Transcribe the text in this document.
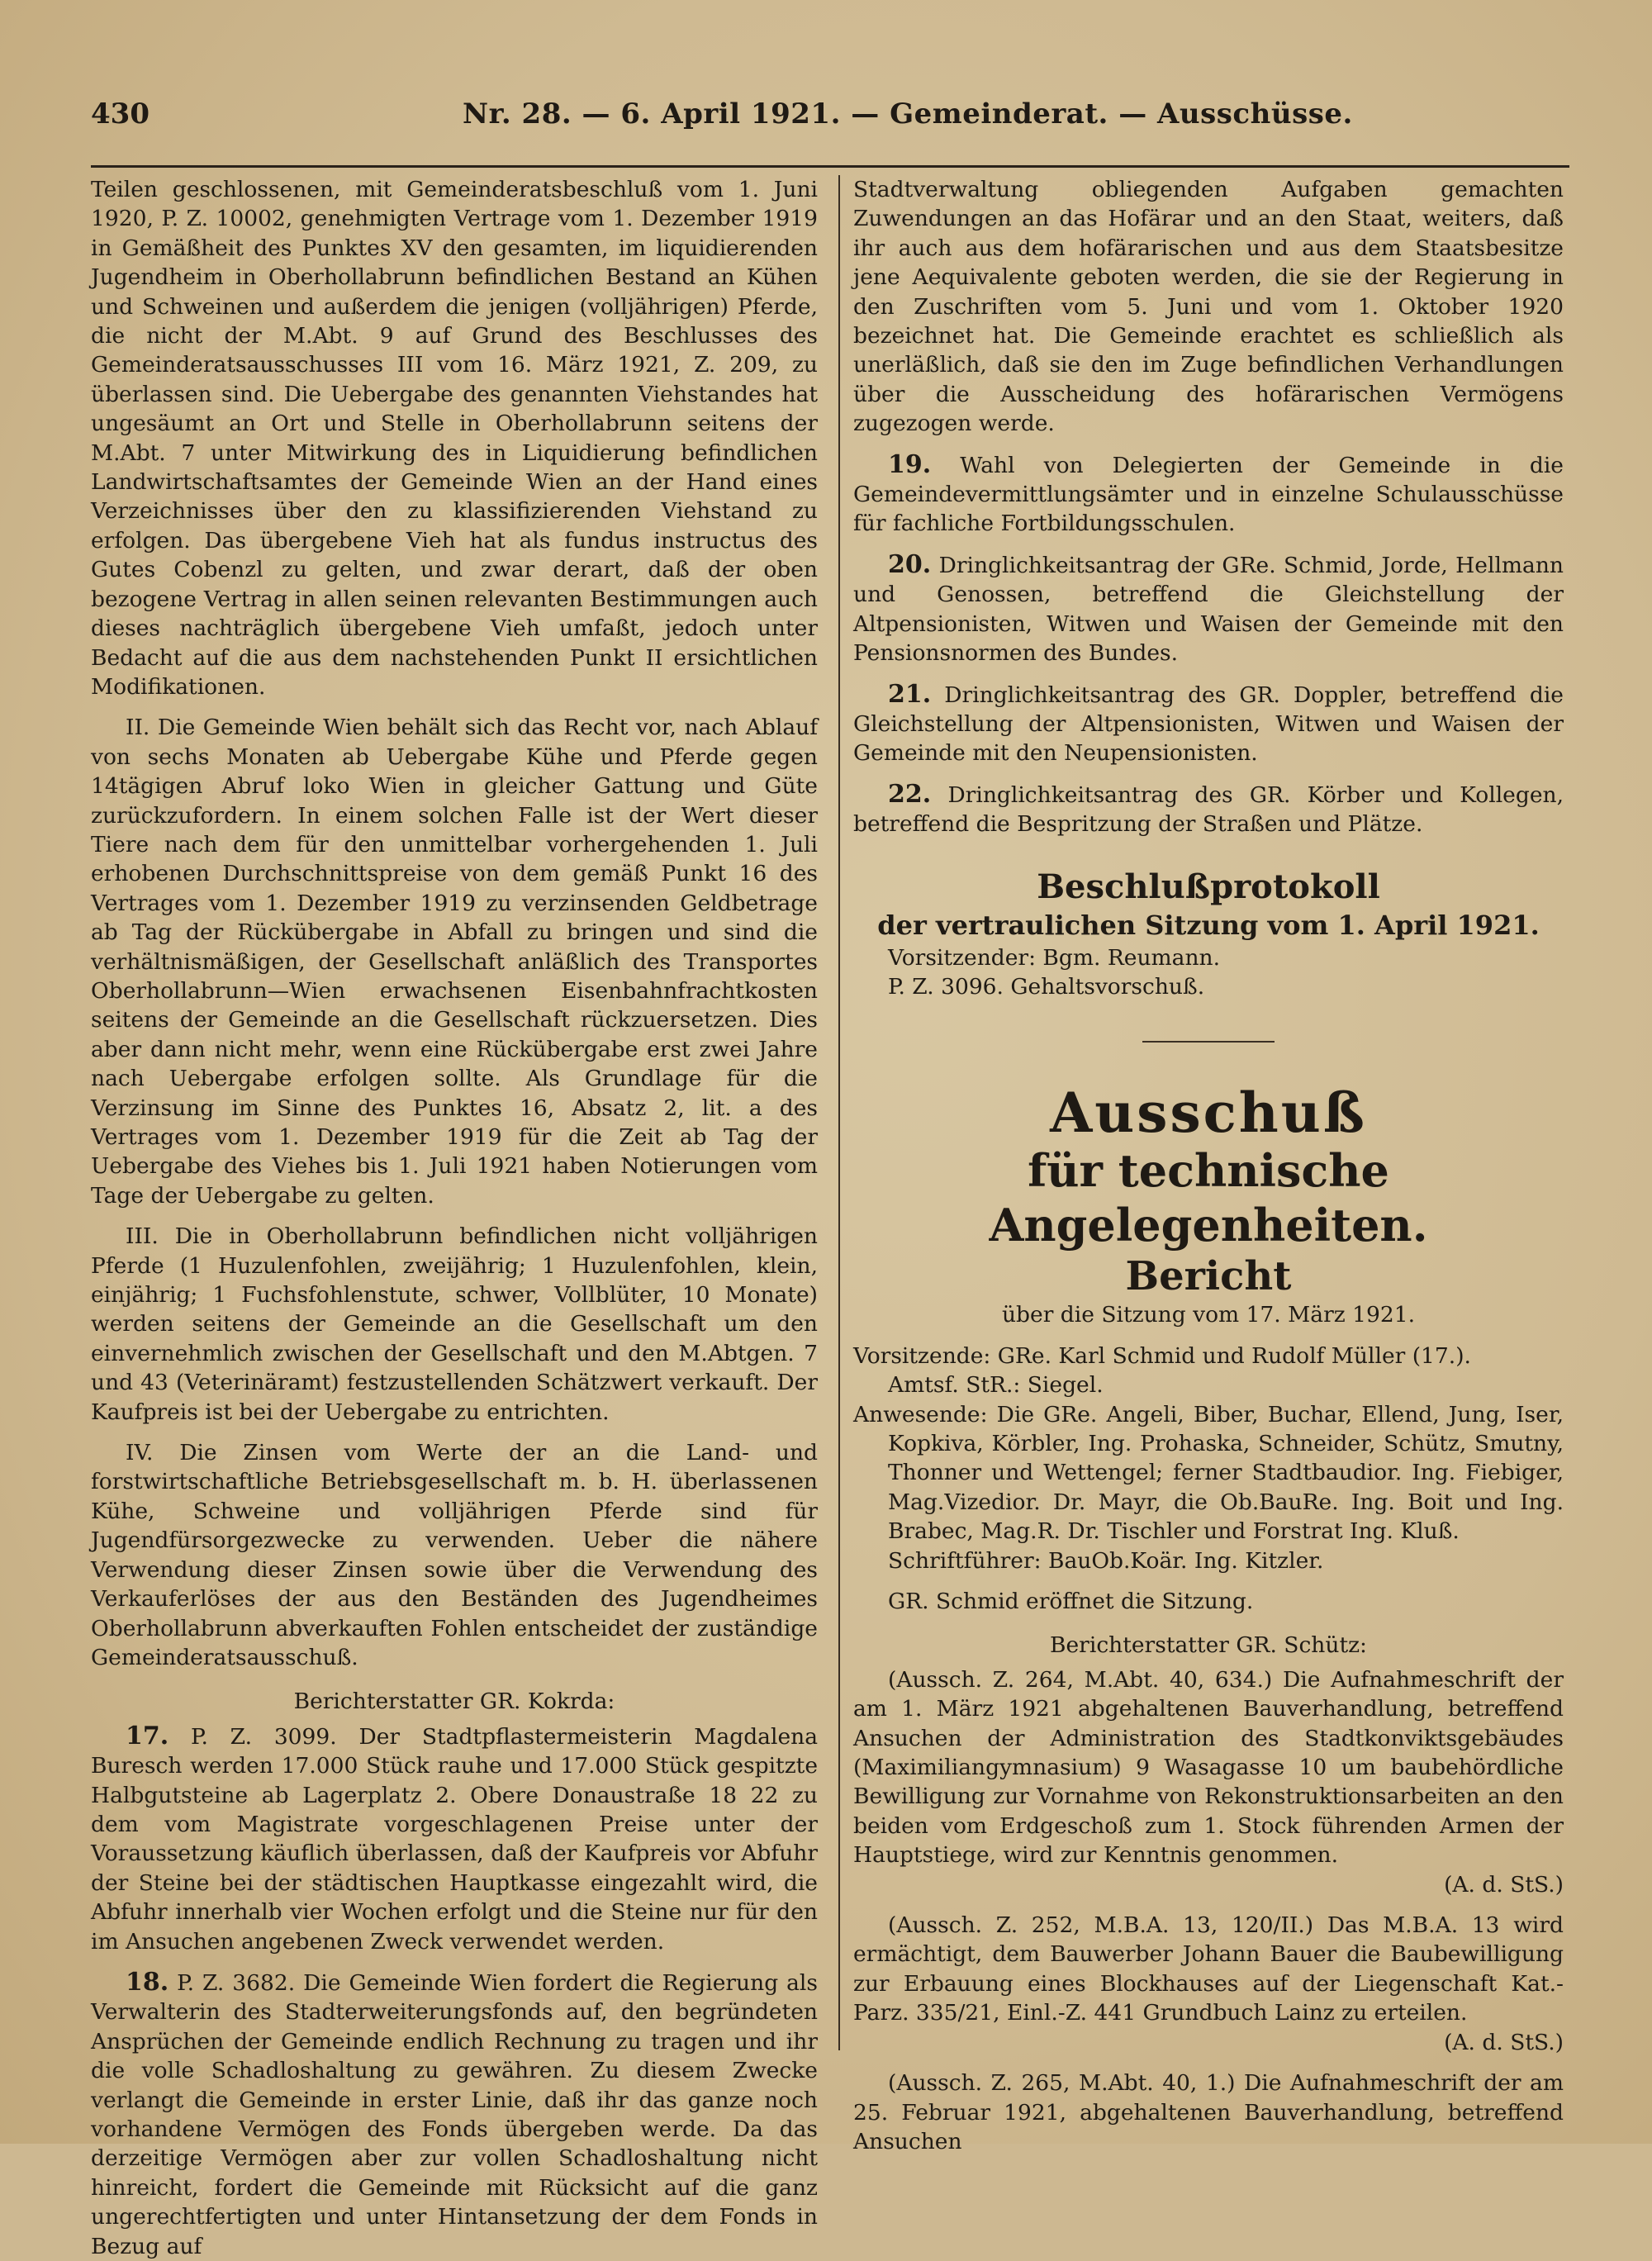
430	Nr. 28. — 6. April 1921. — Gemeinderat. — Ausschüsse.

Teilen geschlossenen, mit Gemeinderatsbeschluß vom 1. Juni 1920, P. Z. 10002, genehmigten Vertrage vom 1. Dezember 1919 in Gemäßheit des Punktes XV den gesamten, im liquidierenden Jugendheim in Oberhollabrunn befindlichen Bestand an Kühen und Schweinen und außerdem die jenigen (volljährigen) Pferde, die nicht der M.Abt. 9 auf Grund des Beschlusses des Gemeinderatsausschusses III vom 16. März 1921, Z. 209, zu überlassen sind. Die Uebergabe des genannten Viehstandes hat ungesäumt an Ort und Stelle in Oberhollabrunn seitens der M.Abt. 7 unter Mitwirkung des in Liquidierung befindlichen Landwirtschaftsamtes der Gemeinde Wien an der Hand eines Verzeichnisses über den zu klassifizierenden Viehstand zu erfolgen. Das übergebene Vieh hat als fundus instructus des Gutes Cobenzl zu gelten, und zwar derart, daß der oben bezogene Vertrag in allen seinen relevanten Bestimmungen auch dieses nachträglich übergebene Vieh umfaßt, jedoch unter Bedacht auf die aus dem nachstehenden Punkt II ersichtlichen Modifikationen.

II. Die Gemeinde Wien behält sich das Recht vor, nach Ablauf von sechs Monaten ab Uebergabe Kühe und Pferde gegen 14tägigen Abruf loko Wien in gleicher Gattung und Güte zurückzufordern. In einem solchen Falle ist der Wert dieser Tiere nach dem für den unmittelbar vorhergehenden 1. Juli erhobenen Durchschnittspreise von dem gemäß Punkt 16 des Vertrages vom 1. Dezember 1919 zu verzinsenden Geldbetrage ab Tag der Rückübergabe in Abfall zu bringen und sind die verhältnismäßigen, der Gesellschaft anläßlich des Transportes Oberhollabrunn—Wien erwachsenen Eisenbahnfrachtkosten seitens der Gemeinde an die Gesellschaft rückzuersetzen. Dies aber dann nicht mehr, wenn eine Rückübergabe erst zwei Jahre nach Uebergabe erfolgen sollte. Als Grundlage für die Verzinsung im Sinne des Punktes 16, Absatz 2, lit. a des Vertrages vom 1. Dezember 1919 für die Zeit ab Tag der Uebergabe des Viehes bis 1. Juli 1921 haben Notierungen vom Tage der Uebergabe zu gelten.

III. Die in Oberhollabrunn befindlichen nicht volljährigen Pferde (1 Huzulenfohlen, zweijährig; 1 Huzulenfohlen, klein, einjährig; 1 Fuchsfohlenstute, schwer, Vollblüter, 10 Monate) werden seitens der Gemeinde an die Gesellschaft um den einvernehmlich zwischen der Gesellschaft und den M.Abtgen. 7 und 43 (Veterinäramt) festzustellenden Schätzwert verkauft. Der Kaufpreis ist bei der Uebergabe zu entrichten.

IV. Die Zinsen vom Werte der an die Land- und forstwirtschaftliche Betriebsgesellschaft m. b. H. überlassenen Kühe, Schweine und volljährigen Pferde sind für Jugendfürsorgezwecke zu verwenden. Ueber die nähere Verwendung dieser Zinsen sowie über die Verwendung des Verkauferlöses der aus den Beständen des Jugendheimes Oberhollabrunn abverkauften Fohlen entscheidet der zuständige Gemeinderatsausschuß.

Berichterstatter GR. Kokrda:

17. P. Z. 3099. Der Stadtpflastermeisterin Magdalena Buresch werden 17.000 Stück rauhe und 17.000 Stück gespitzte Halbgutsteine ab Lagerplatz 2. Obere Donaustraße 18 22 zu dem vom Magistrate vorgeschlagenen Preise unter der Voraussetzung käuflich überlassen, daß der Kaufpreis vor Abfuhr der Steine bei der städtischen Hauptkasse eingezahlt wird, die Abfuhr innerhalb vier Wochen erfolgt und die Steine nur für den im Ansuchen angebenen Zweck verwendet werden.

18. P. Z. 3682. Die Gemeinde Wien fordert die Regierung als Verwalterin des Stadterweiterungsfonds auf, den begründeten Ansprüchen der Gemeinde endlich Rechnung zu tragen und ihr die volle Schadloshaltung zu gewähren. Zu diesem Zwecke verlangt die Gemeinde in erster Linie, daß ihr das ganze noch vorhandene Vermögen des Fonds übergeben werde. Da das derzeitige Vermögen aber zur vollen Schadloshaltung nicht hinreicht, fordert die Gemeinde mit Rücksicht auf die ganz ungerechtfertigten und unter Hintansetzung der dem Fonds in Bezug auf

Stadtverwaltung obliegenden Aufgaben gemachten Zuwendungen an das Hofärar und an den Staat, weiters, daß ihr auch aus dem hofärarischen und aus dem Staatsbesitze jene Aequivalente geboten werden, die sie der Regierung in den Zuschriften vom 5. Juni und vom 1. Oktober 1920 bezeichnet hat. Die Gemeinde erachtet es schließlich als unerläßlich, daß sie den im Zuge befindlichen Verhandlungen über die Ausscheidung des hofärarischen Vermögens zugezogen werde.

19. Wahl von Delegierten der Gemeinde in die Gemeindevermittlungsämter und in einzelne Schulausschüsse für fachliche Fortbildungsschulen.

20. Dringlichkeitsantrag der GRe. Schmid, Jorde, Hellmann und Genossen, betreffend die Gleichstellung der Altpensionisten, Witwen und Waisen der Gemeinde mit den Pensionsnormen des Bundes.

21. Dringlichkeitsantrag des GR. Doppler, betreffend die Gleichstellung der Altpensionisten, Witwen und Waisen der Gemeinde mit den Neupensionisten.

22. Dringlichkeitsantrag des GR. Körber und Kollegen, betreffend die Bespritzung der Straßen und Plätze.

Beschlußprotokoll

der vertraulichen Sitzung vom 1. April 1921.

Vorsitzender: Bgm. Reumann.

P. Z. 3096. Gehaltsvorschuß.

Ausschuß

für technische Angelegenheiten.

Bericht

über die Sitzung vom 17. März 1921.

Vorsitzende: GRe. Karl Schmid und Rudolf Müller (17.).

Amtsf. StR.: Siegel.

Anwesende: Die GRe. Angeli, Biber, Buchar, Ellend, Jung, Iser, Kopkiva, Körbler, Ing. Prohaska, Schneider, Schütz, Smutny, Thonner und Wettengel; ferner Stadtbaudior. Ing. Fiebiger, Mag.Vizedior. Dr. Mayr, die Ob.BauRe. Ing. Boit und Ing. Brabec, Mag.R. Dr. Tischler und Forstrat Ing. Kluß.

Schriftführer: BauOb.Koär. Ing. Kitzler.

GR. Schmid eröffnet die Sitzung.

Berichterstatter GR. Schütz:

(Aussch. Z. 264, M.Abt. 40, 634.) Die Aufnahmeschrift der am 1. März 1921 abgehaltenen Bauverhandlung, betreffend Ansuchen der Administration des Stadtkonviktsgebäudes (Maximiliangymnasium) 9 Wasagasse 10 um baubehördliche Bewilligung zur Vornahme von Rekonstruktionsarbeiten an den beiden vom Erdgeschoß zum 1. Stock führenden Armen der Hauptstiege, wird zur Kenntnis genommen.

(A. d. StS.)

(Aussch. Z. 252, M.B.A. 13, 120/II.) Das M.B.A. 13 wird ermächtigt, dem Bauwerber Johann Bauer die Baubewilligung zur Erbauung eines Blockhauses auf der Liegenschaft Kat.-Parz. 335/21, Einl.-Z. 441 Grundbuch Lainz zu erteilen.

(A. d. StS.)

(Aussch. Z. 265, M.Abt. 40, 1.) Die Aufnahmeschrift der am 25. Februar 1921, abgehaltenen Bauverhandlung, betreffend Ansuchen
